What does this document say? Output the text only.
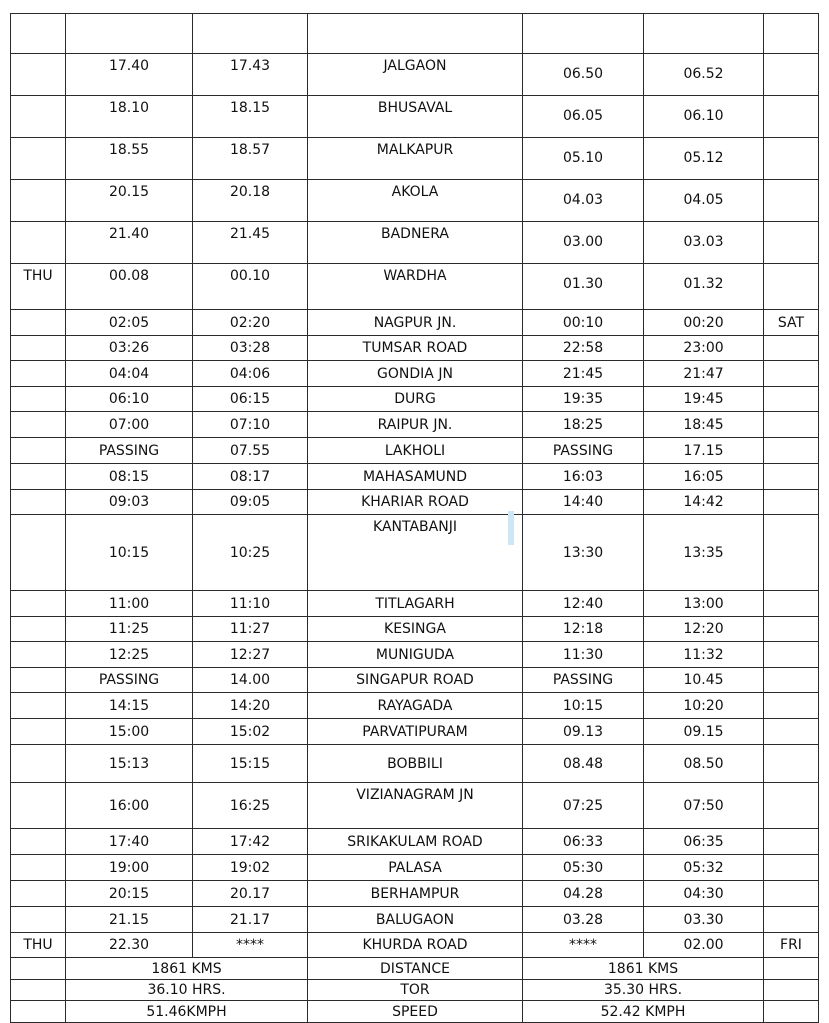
	17.40	17.43	JALGAON	06.50	06.52	
	18.10	18.15	BHUSAVAL	06.05	06.10	
	18.55	18.57	MALKAPUR	05.10	05.12	
	20.15	20.18	AKOLA	04.03	04.05	
	21.40	21.45	BADNERA	03.00	03.03	
THU	00.08	00.10	WARDHA	01.30	01.32	
	02:05	02:20	NAGPUR JN.	00:10	00:20	SAT
	03:26	03:28	TUMSAR ROAD	22:58	23:00	
	04:04	04:06	GONDIA JN	21:45	21:47	
	06:10	06:15	DURG	19:35	19:45	
	07:00	07:10	RAIPUR JN.	18:25	18:45	
	PASSING	07.55	LAKHOLI	PASSING	17.15	
	08:15	08:17	MAHASAMUND	16:03	16:05	
	09:03	09:05	KHARIAR ROAD	14:40	14:42	
	10:15	10:25	KANTABANJI	13:30	13:35	
	11:00	11:10	TITLAGARH	12:40	13:00	
	11:25	11:27	KESINGA	12:18	12:20	
	12:25	12:27	MUNIGUDA	11:30	11:32	
	PASSING	14.00	SINGAPUR ROAD	PASSING	10.45	
	14:15	14:20	RAYAGADA	10:15	10:20	
	15:00	15:02	PARVATIPURAM	09.13	09.15	
	15:13	15:15	BOBBILI	08.48	08.50	
	16:00	16:25	VIZIANAGRAM JN	07:25	07:50	
	17:40	17:42	SRIKAKULAM ROAD	06:33	06:35	
	19:00	19:02	PALASA	05:30	05:32	
	20:15	20.17	BERHAMPUR	04.28	04:30	
	21.15	21.17	BALUGAON	03.28	03.30	
THU	22.30	****	KHURDA ROAD	****	02.00	FRI
	1861 KMS		DISTANCE	1861 KMS		
	36.10 HRS.		TOR	35.30 HRS.		
	51.46KMPH		SPEED	52.42 KMPH		
